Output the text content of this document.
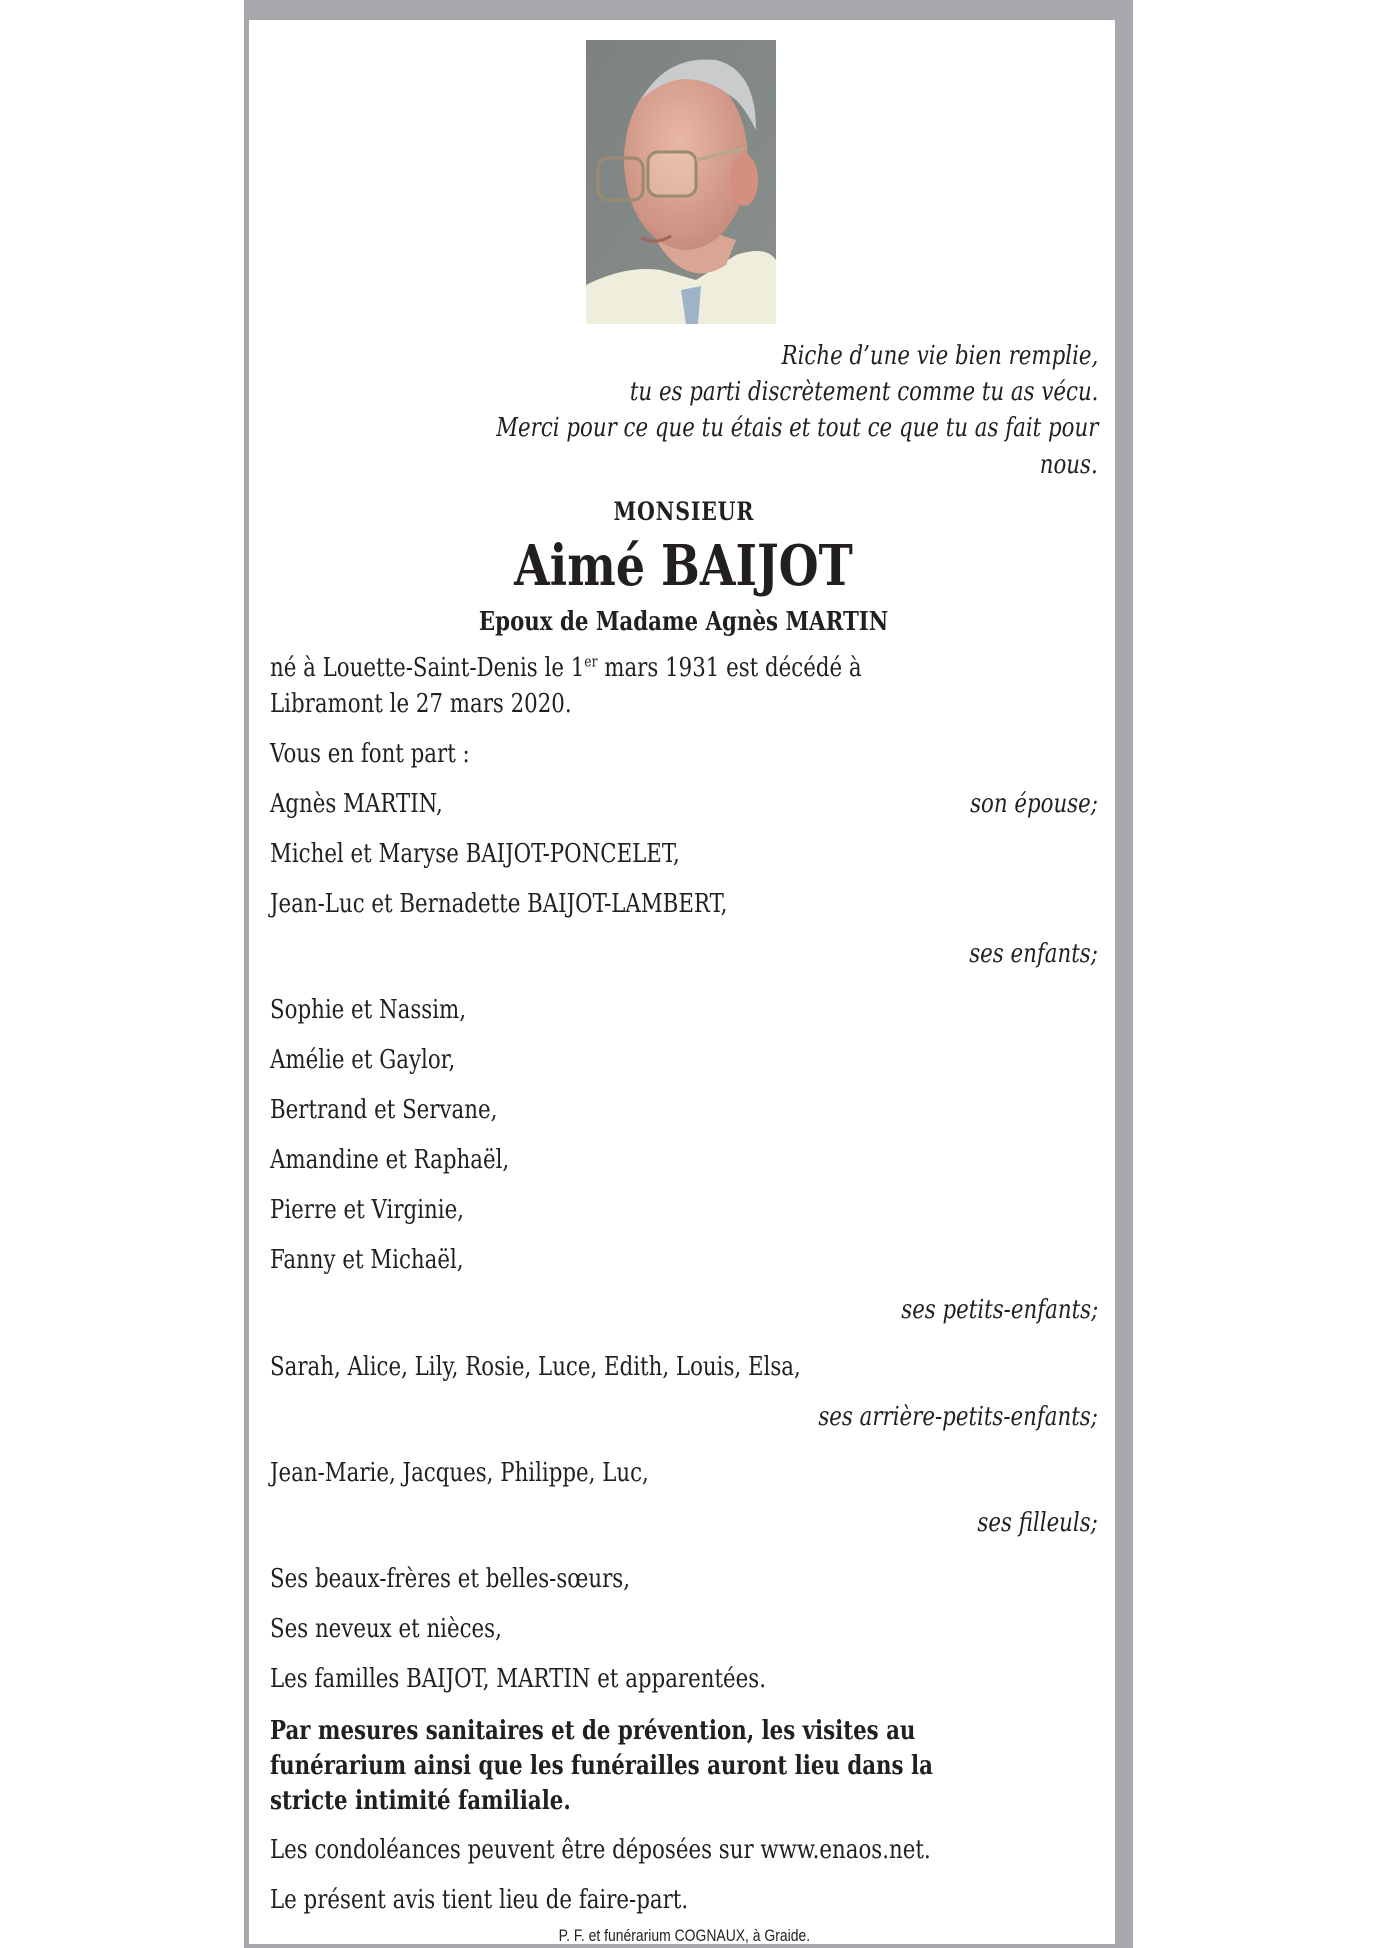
Riche d’une vie bien remplie,
tu es parti discrètement comme tu as vécu.
Merci pour ce que tu étais et tout ce que tu as fait pour
nous.
MONSIEUR
Aimé BAIJOT
Epoux de Madame Agnès MARTIN
né à Louette-Saint-Denis le 1er mars 1931 est décédé à
Libramont le 27 mars 2020.
Vous en font part :
Agnès MARTIN,	son épouse;
Michel et Maryse BAIJOT-PONCELET,
Jean-Luc et Bernadette BAIJOT-LAMBERT,
ses enfants;
Sophie et Nassim,
Amélie et Gaylor,
Bertrand et Servane,
Amandine et Raphaël,
Pierre et Virginie,
Fanny et Michaël,
ses petits-enfants;
Sarah, Alice, Lily, Rosie, Luce, Edith, Louis, Elsa,
ses arrière-petits-enfants;
Jean-Marie, Jacques, Philippe, Luc,
ses filleuls;
Ses beaux-frères et belles-sœurs,
Ses neveux et nièces,
Les familles BAIJOT, MARTIN et apparentées.
Par mesures sanitaires et de prévention, les visites au
funérarium ainsi que les funérailles auront lieu dans la
stricte intimité familiale.
Les condoléances peuvent être déposées sur www.enaos.net.
Le présent avis tient lieu de faire-part.
P. F. et funérarium COGNAUX, à Graide.
